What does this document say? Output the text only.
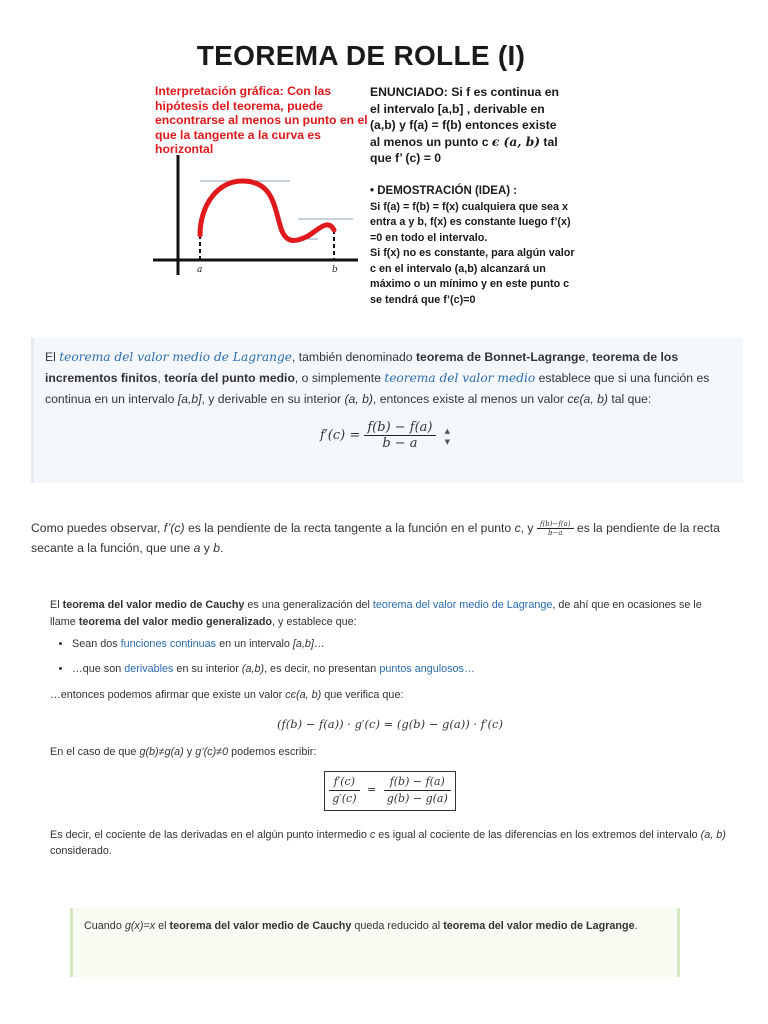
TEOREMA DE ROLLE (I)
Interpretación gráfica: Con las hipótesis del teorema, puede encontrarse al menos un punto en el que la tangente a la curva es horizontal
a	b
ENUNCIADO: Si f es continua en el intervalo [a,b] , derivable en (a,b) y f(a) = f(b) entonces existe al menos un punto c ϵ (a, b) tal que f’ (c) = 0
• DEMOSTRACIÓN (IDEA) :
Si f(a) = f(b) = f(x) cualquiera que sea x entra a y b, f(x) es constante luego f’(x) =0 en todo el intervalo.
Si f(x) no es constante, para algún valor c en el intervalo (a,b) alcanzará un máximo o un mínimo y en este punto c se tendrá que f’(c)=0
El teorema del valor medio de Lagrange, también denominado teorema de Bonnet-Lagrange, teorema de los incrementos finitos, teoría del punto medio, o simplemente teorema del valor medio establece que si una función es continua en un intervalo [a,b], y derivable en su interior (a, b), entonces existe al menos un valor cє(a, b) tal que:
$f'(c) = \frac{f(b) - f(a)}{b - a}$
▲
▼
Como puedes observar, f’(c) es la pendiente de la recta tangente a la función en el punto c, y $\frac{f(b)-f(a)}{b-a}$ es la pendiente de la recta secante a la función, que une a y b.
El teorema del valor medio de Cauchy es una generalización del teorema del valor medio de Lagrange, de ahí que en ocasiones se le llame teorema del valor medio generalizado, y establece que:
• Sean dos funciones continuas en un intervalo [a,b]…
• …que son derivables en su interior (a,b), es decir, no presentan puntos angulosos…
…entonces podemos afirmar que existe un valor cє(a, b) que verifica que:
(f(b) − f(a)) · g′(c) = (g(b) − g(a)) · f′(c)
En el caso de que g(b)≠g(a) y g’(c)≠0 podemos escribir:
$\frac{f'(c)}{g'(c)} = \frac{f(b) - f(a)}{g(b) - g(a)}$
Es decir, el cociente de las derivadas en el algún punto intermedio c es igual al cociente de las diferencias en los extremos del intervalo (a, b) considerado.
Cuando g(x)=x el teorema del valor medio de Cauchy queda reducido al teorema del valor medio de Lagrange.
